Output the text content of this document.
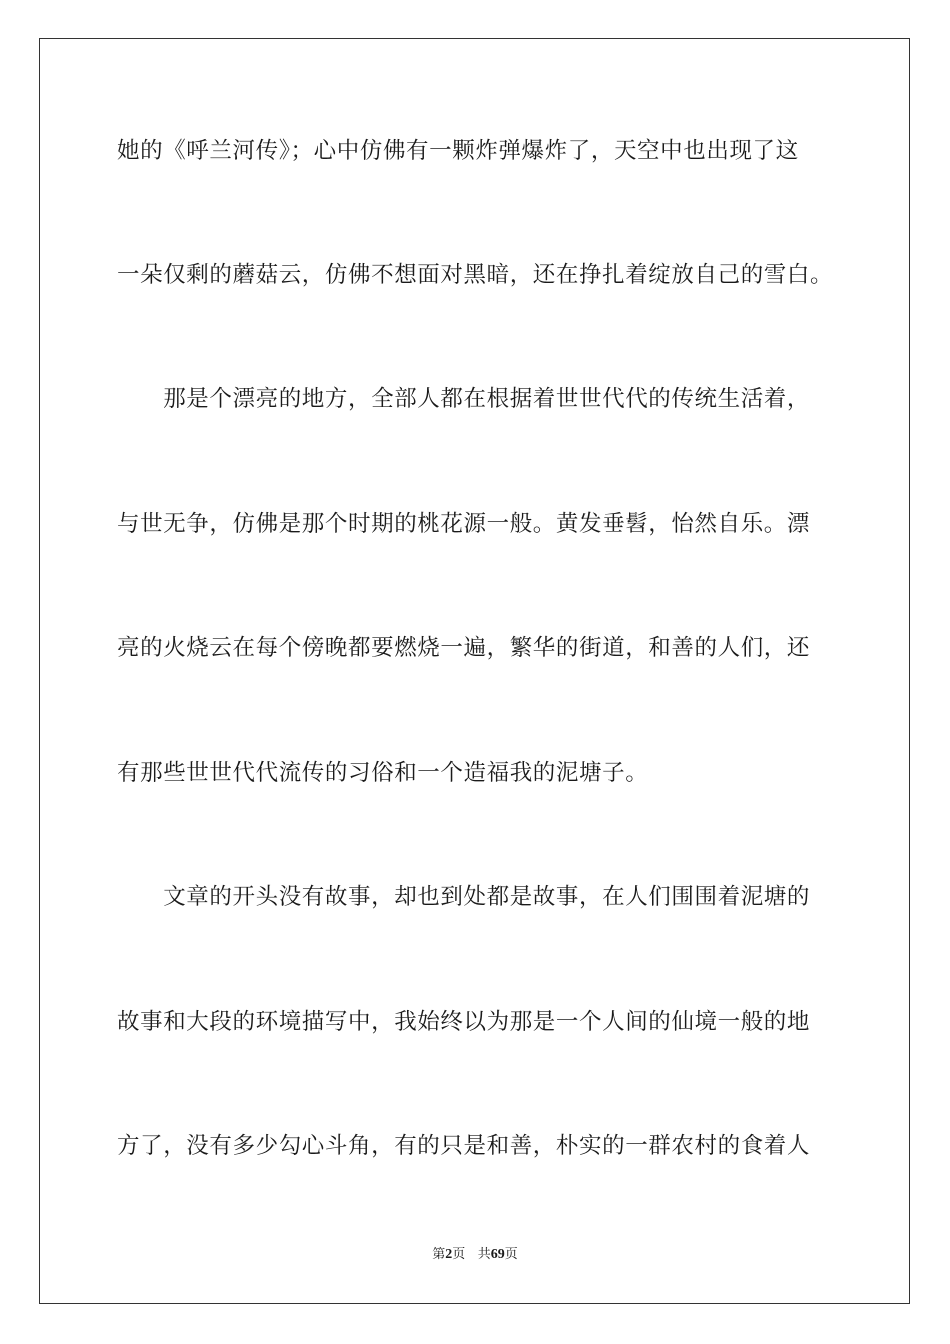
她的《呼兰河传》；心中仿佛有一颗炸弹爆炸了，天空中也出现了这
一朵仅剩的蘑菇云，仿佛不想面对黑暗，还在挣扎着绽放自己的雪白。
　　那是个漂亮的地方，全部人都在根据着世世代代的传统生活着，
与世无争，仿佛是那个时期的桃花源一般。黄发垂髫，怡然自乐。漂
亮的火烧云在每个傍晚都要燃烧一遍，繁华的街道，和善的人们，还
有那些世世代代流传的习俗和一个造福我的泥塘子。
　　文章的开头没有故事，却也到处都是故事，在人们围围着泥塘的
故事和大段的环境描写中，我始终以为那是一个人间的仙境一般的地
方了，没有多少勾心斗角，有的只是和善，朴实的一群农村的食着人
第2页 共69页
